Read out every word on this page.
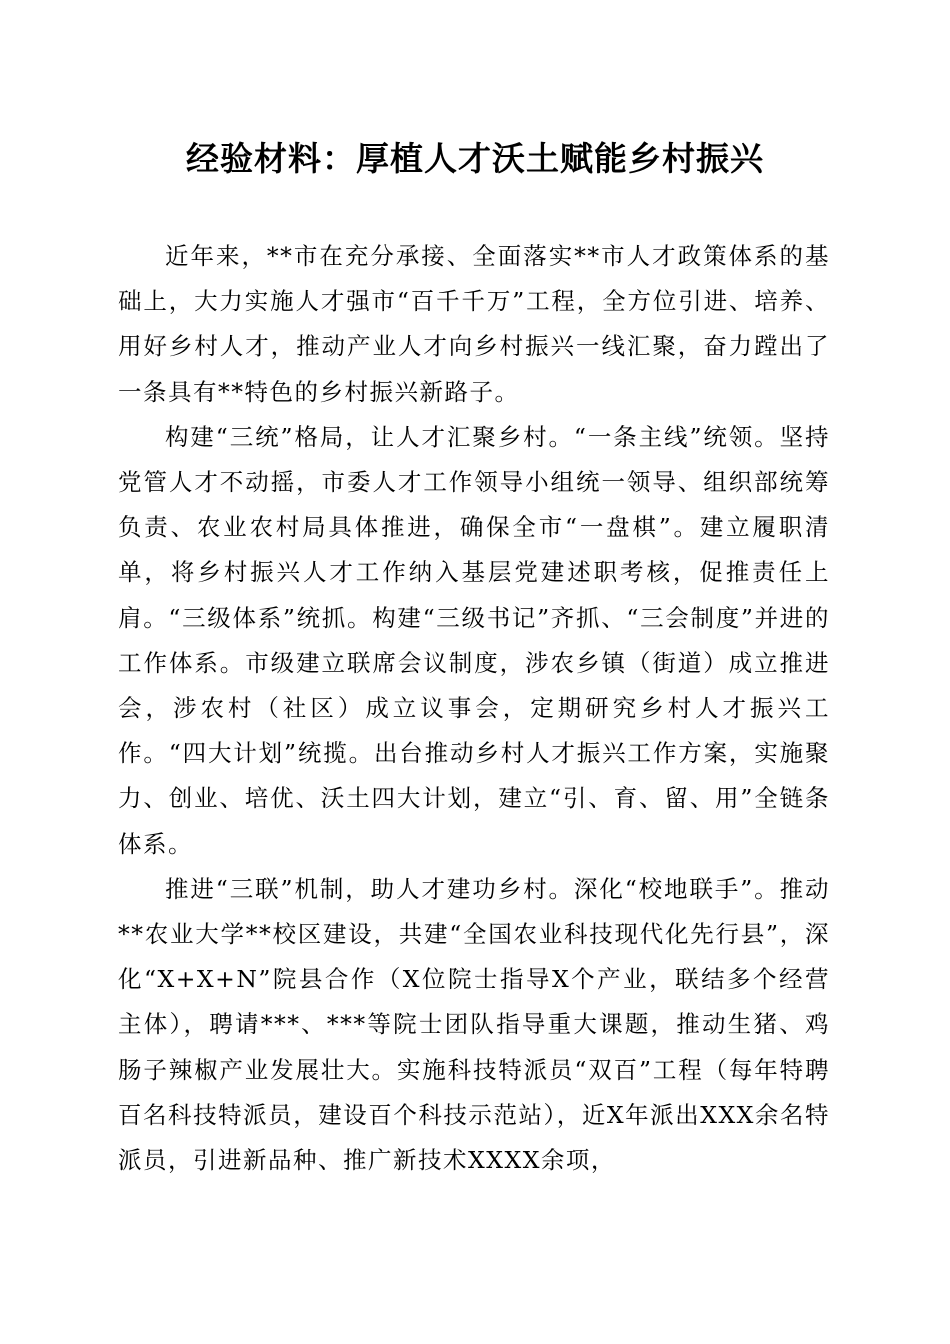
经验材料：厚植人才沃土赋能乡村振兴

近年来，**市在充分承接、全面落实**市人才政策体系的基础上，大力实施人才强市“百千千万”工程，全方位引进、培养、用好乡村人才，推动产业人才向乡村振兴一线汇聚，奋力蹚出了一条具有**特色的乡村振兴新路子。

构建“三统”格局，让人才汇聚乡村。“一条主线”统领。坚持党管人才不动摇，市委人才工作领导小组统一领导、组织部统筹负责、农业农村局具体推进，确保全市“一盘棋”。建立履职清单，将乡村振兴人才工作纳入基层党建述职考核，促推责任上肩。“三级体系”统抓。构建“三级书记”齐抓、“三会制度”并进的工作体系。市级建立联席会议制度，涉农乡镇（街道）成立推进会，涉农村（社区）成立议事会，定期研究乡村人才振兴工作。“四大计划”统揽。出台推动乡村人才振兴工作方案，实施聚力、创业、培优、沃土四大计划，建立“引、育、留、用”全链条体系。

推进“三联”机制，助人才建功乡村。深化“校地联手”。推动**农业大学**校区建设，共建“全国农业科技现代化先行县”，深化“X+X+N”院县合作（X位院士指导X个产业，联结多个经营主体），聘请***、***等院士团队指导重大课题，推动生猪、鸡肠子辣椒产业发展壮大。实施科技特派员“双百”工程（每年特聘百名科技特派员，建设百个科技示范站），近X年派出XXX余名特派员，引进新品种、推广新技术XXXX余项，
